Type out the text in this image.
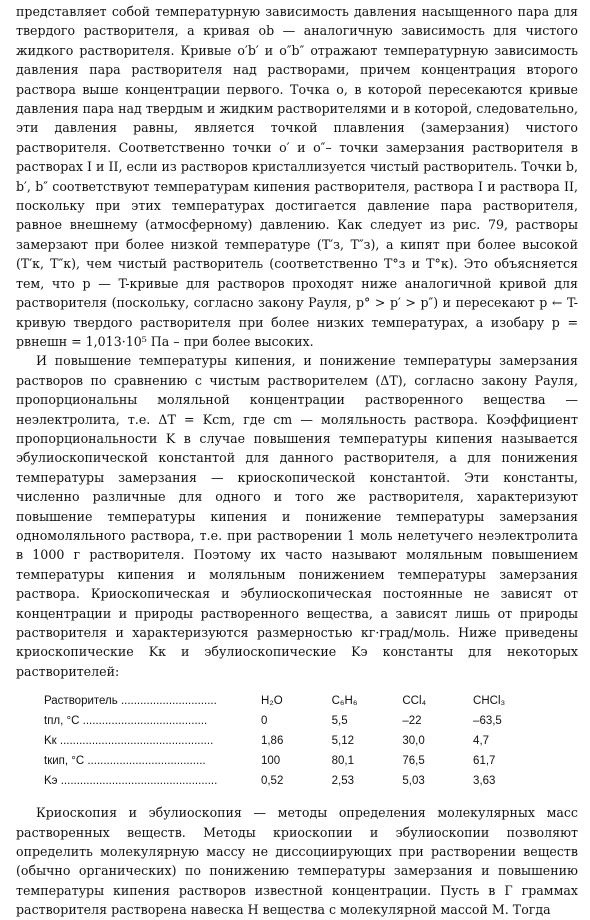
представляет собой температурную зависимость давления насыщенного пара для твердого растворителя, а кривая ob — аналогичную зависимость для чистого жидкого растворителя. Кривые o′b′ и o″b″ отражают температурную зависимость давления пара растворителя над растворами, причем концентрация второго раствора выше концентрации первого. Точка o, в которой пересекаются кривые давления пара над твердым и жидким растворителями и в которой, следовательно, эти давления равны, является точкой плавления (замерзания) чистого растворителя. Соответственно точки o′ и o″– точки замерзания растворителя в растворах I и II, если из растворов кристаллизуется чистый растворитель. Точки b, b′, b″ соответствуют температурам кипения растворителя, раствора I и раствора II, поскольку при этих температурах достигается давление пара растворителя, равное внешнему (атмосферному) давлению. Как следует из рис. 79, растворы замерзают при более низкой температуре (T′з, T″з), а кипят при более высокой (T′к, T″к), чем чистый растворитель (соответственно T°з и T°к). Это объясняется тем, что p — T-кривые для растворов проходят ниже аналогичной кривой для растворителя (поскольку, согласно закону Рауля, p° > p′ > p″) и пересекают p ← T-кривую твердого растворителя при более низких температурах, а изобару p = pвнешн = 1,013·10⁵ Па – при более высоких.

И повышение температуры кипения, и понижение температуры замерзания растворов по сравнению с чистым растворителем (ΔT), согласно закону Рауля, пропорциональны моляльной концентрации растворенного вещества — неэлектролита, т.е. ΔT = Kcm, где cm — моляльность раствора. Коэффициент пропорциональности K в случае повышения температуры кипения называется эбулиоскопической константой для данного растворителя, а для понижения температуры замерзания — криоскопической константой. Эти константы, численно различные для одного и того же растворителя, характеризуют повышение температуры кипения и понижение температуры замерзания одномоляльного раствора, т.е. при растворении 1 моль нелетучего неэлектролита в 1000 г растворителя. Поэтому их часто называют моляльным повышением температуры кипения и моляльным понижением температуры замерзания раствора. Криоскопическая и эбулиоскопическая постоянные не зависят от концентрации и природы растворенного вещества, а зависят лишь от природы растворителя и характеризуются размерностью кг·град/моль. Ниже приведены криоскопические Kк и эбулиоскопические Kэ константы для некоторых растворителей:

Растворитель ..............................	H₂O	C₆H₆	CCl₄	CHCl₃
tпл, °C .......................................	0	5,5	–22	–63,5
Kк ................................................	1,86	5,12	30,0	4,7
tкип, °C .....................................	100	80,1	76,5	61,7
Kэ .................................................	0,52	2,53	5,03	3,63

Криоскопия и эбулиоскопия — методы определения молекулярных масс растворенных веществ. Методы криоскопии и эбулиоскопии позволяют определить молекулярную массу не диссоциирующих при растворении веществ (обычно органических) по понижению температуры замерзания и повышению температуры кипения растворов известной концентрации. Пусть в Г граммах растворителя растворена навеска H вещества с молекулярной массой M. Тогда
